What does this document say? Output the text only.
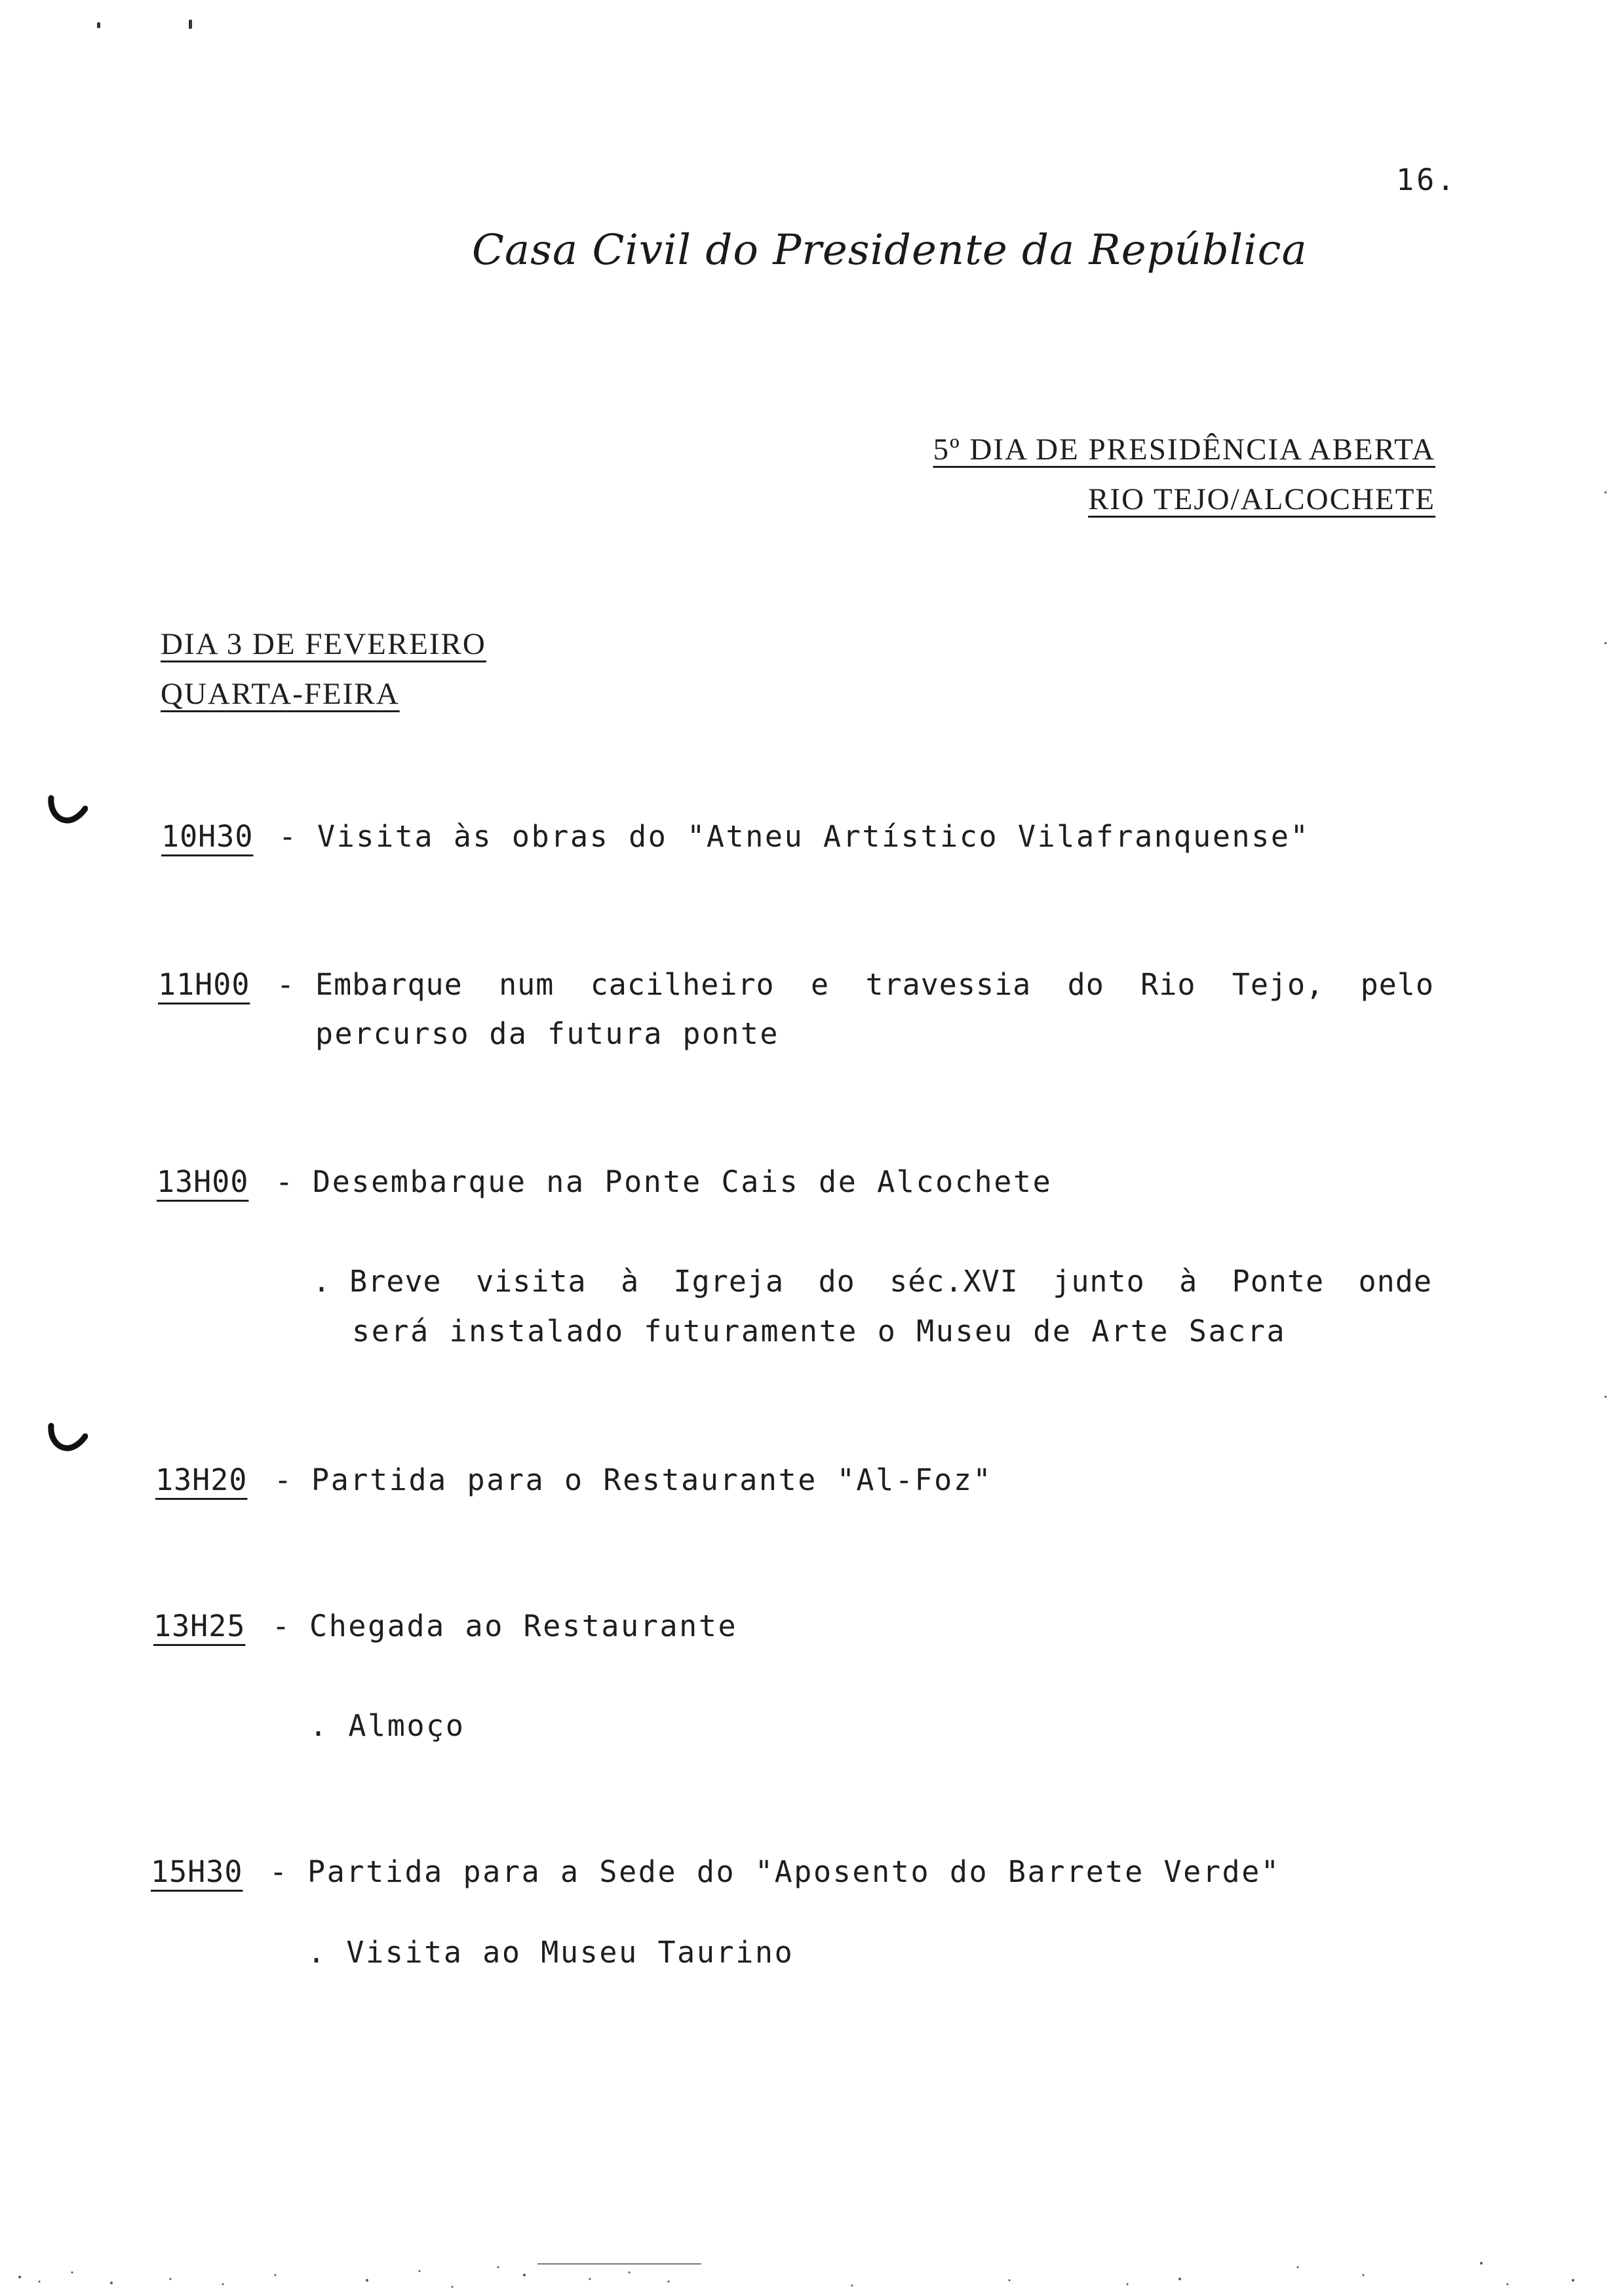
16.
Casa Civil do Presidente da República
5º DIA DE PRESIDÊNCIA ABERTA
RIO TEJO/ALCOCHETE
DIA 3 DE FEVEREIRO
QUARTA-FEIRA
10H30 - Visita às obras do "Atneu Artístico Vilafranquense"
11H00 - Embarque num cacilheiro e travessia do Rio Tejo, pelo
percurso da futura ponte
13H00 - Desembarque na Ponte Cais de Alcochete
. Breve visita à Igreja do séc.XVI junto à Ponte onde
será instalado futuramente o Museu de Arte Sacra
13H20 - Partida para o Restaurante "Al-Foz"
13H25 - Chegada ao Restaurante
. Almoço
15H30 - Partida para a Sede do "Aposento do Barrete Verde"
. Visita ao Museu Taurino
